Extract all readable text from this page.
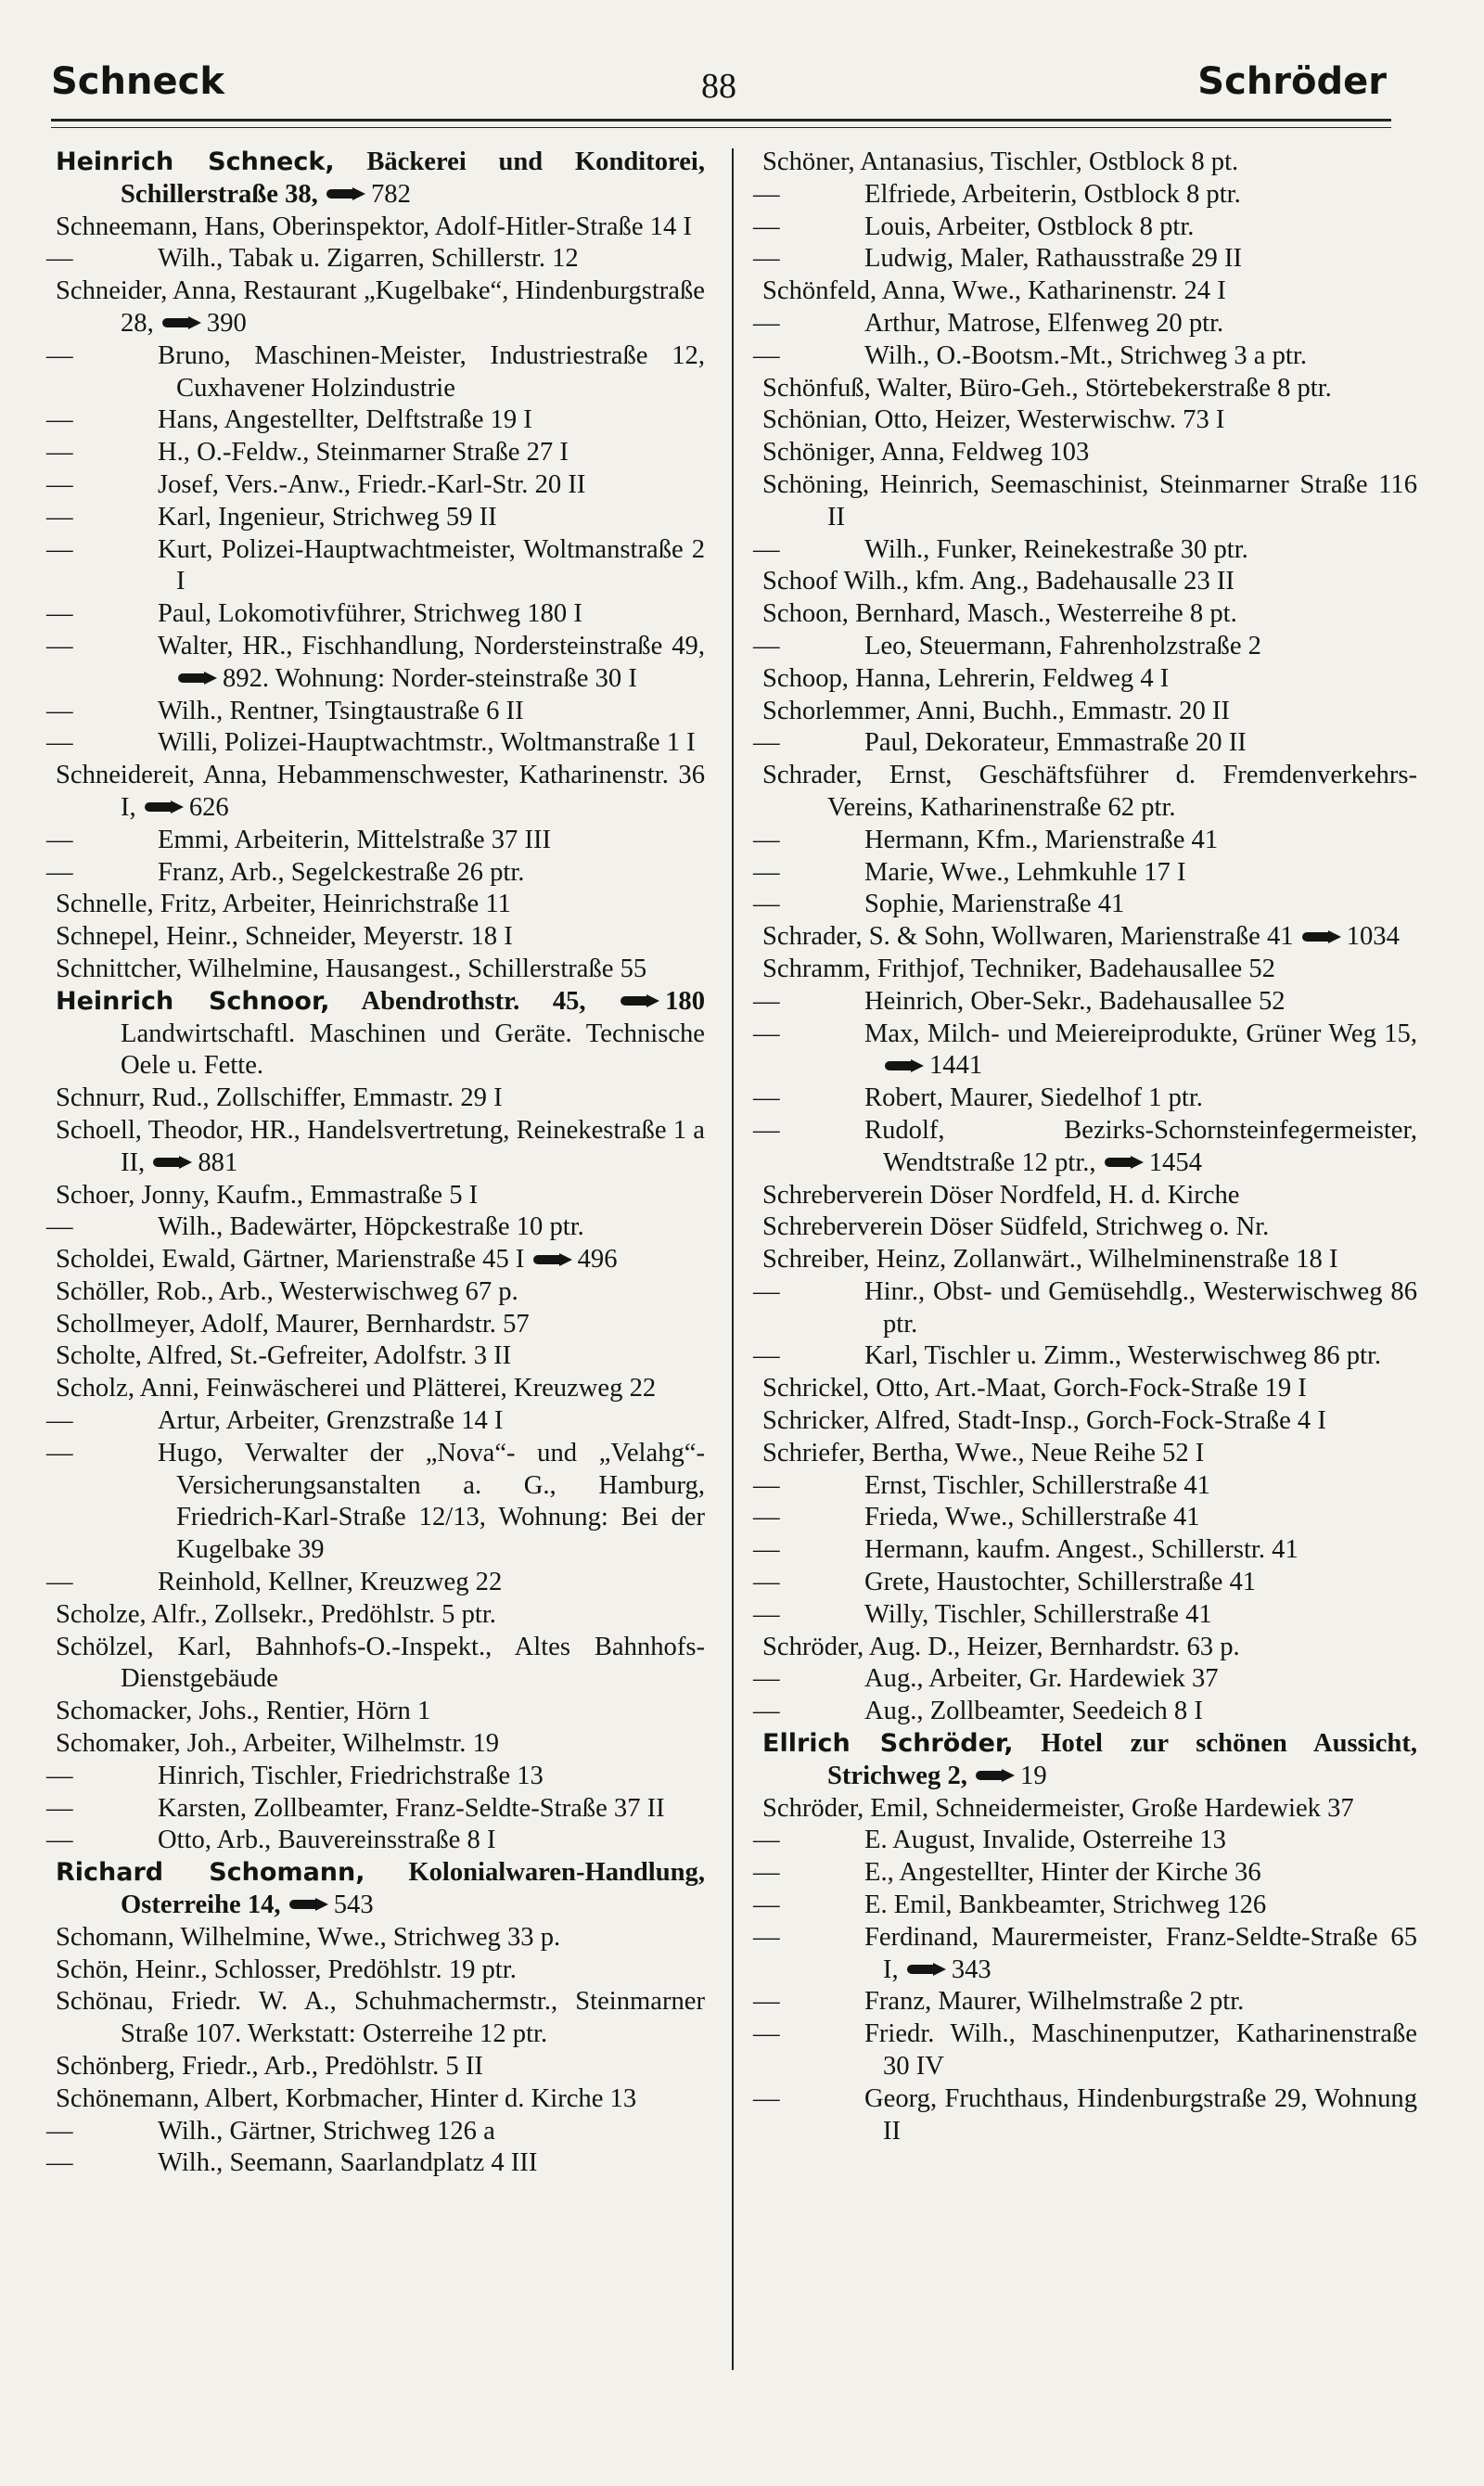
Schneck	88	Schröder

Heinrich Schneck, Bäckerei und Konditorei, Schillerstraße 38, 782

Schneemann, Hans, Oberinspektor, Adolf-Hitler-Straße 14 I

—	Wilh., Tabak u. Zigarren, Schillerstr. 12

Schneider, Anna, Restaurant „Kugelbake“, Hindenburgstraße 28, 390

—	Bruno, Maschinen-Meister, Industriestraße 12, Cuxhavener Holzindustrie

—	Hans, Angestellter, Delftstraße 19 I

—	H., O.-Feldw., Steinmarner Straße 27 I

—	Josef, Vers.-Anw., Friedr.-Karl-Str. 20 II

—	Karl, Ingenieur, Strichweg 59 II

—	Kurt, Polizei-Hauptwachtmeister, Woltmanstraße 2 I

—	Paul, Lokomotivführer, Strichweg 180 I

—	Walter, HR., Fischhandlung, Nordersteinstraße 49, 892. Wohnung: Norder-steinstraße 30 I

—	Wilh., Rentner, Tsingtaustraße 6 II

—	Willi, Polizei-Hauptwachtmstr., Woltmanstraße 1 I

Schneidereit, Anna, Hebammenschwester, Katharinenstr. 36 I, 626

—	Emmi, Arbeiterin, Mittelstraße 37 III

—	Franz, Arb., Segelckestraße 26 ptr.

Schnelle, Fritz, Arbeiter, Heinrichstraße 11

Schnepel, Heinr., Schneider, Meyerstr. 18 I

Schnittcher, Wilhelmine, Hausangest., Schillerstraße 55

Heinrich Schnoor, Abendrothstr. 45,	180 Landwirtschaftl. Maschinen und Geräte. Technische Oele u. Fette.

Schnurr, Rud., Zollschiffer, Emmastr. 29 I

Schoell, Theodor, HR., Handelsvertretung, Reinekestraße 1 a II, 881

Schoer, Jonny, Kaufm., Emmastraße 5 I

—	Wilh., Badewärter, Höpckestraße 10 ptr.

Scholdei, Ewald, Gärtner, Marienstraße 45 I 496

Schöller, Rob., Arb., Westerwischweg 67 p.

Schollmeyer, Adolf, Maurer, Bernhardstr. 57

Scholte, Alfred, St.-Gefreiter, Adolfstr. 3 II

Scholz, Anni, Feinwäscherei und Plätterei, Kreuzweg 22

—	Artur, Arbeiter, Grenzstraße 14 I

—	Hugo, Verwalter der „Nova“- und „Velahg“-Versicherungsanstalten a. G., Hamburg, Friedrich-Karl-Straße 12/13, Wohnung: Bei der Kugelbake 39

—	Reinhold, Kellner, Kreuzweg 22

Scholze, Alfr., Zollsekr., Predöhlstr. 5 ptr.

Schölzel, Karl, Bahnhofs-O.-Inspekt., Altes Bahnhofs-Dienstgebäude

Schomacker, Johs., Rentier, Hörn 1

Schomaker, Joh., Arbeiter, Wilhelmstr. 19

—	Hinrich, Tischler, Friedrichstraße 13

—	Karsten, Zollbeamter, Franz-Seldte-Straße 37 II

—	Otto, Arb., Bauvereinsstraße 8 I

Richard Schomann, Kolonialwaren-Handlung, Osterreihe 14, 543

Schomann, Wilhelmine, Wwe., Strichweg 33 p.

Schön, Heinr., Schlosser, Predöhlstr. 19 ptr.

Schönau, Friedr. W. A., Schuhmachermstr., Steinmarner Straße 107. Werkstatt: Osterreihe 12 ptr.

Schönberg, Friedr., Arb., Predöhlstr. 5 II

Schönemann, Albert, Korbmacher, Hinter d. Kirche 13

—	Wilh., Gärtner, Strichweg 126 a

—	Wilh., Seemann, Saarlandplatz 4 III

Schöner, Antanasius, Tischler, Ostblock 8 pt.

—	Elfriede, Arbeiterin, Ostblock 8 ptr.

—	Louis, Arbeiter, Ostblock 8 ptr.

—	Ludwig, Maler, Rathausstraße 29 II

Schönfeld, Anna, Wwe., Katharinenstr. 24 I

—	Arthur, Matrose, Elfenweg 20 ptr.

—	Wilh., O.-Bootsm.-Mt., Strichweg 3 a ptr.

Schönfuß, Walter, Büro-Geh., Störtebekerstraße 8 ptr.

Schönian, Otto, Heizer, Westerwischw. 73 I

Schöniger, Anna, Feldweg 103

Schöning, Heinrich, Seemaschinist, Steinmarner Straße 116 II

—	Wilh., Funker, Reinekestraße 30 ptr.

Schoof Wilh., kfm. Ang., Badehausalle 23 II

Schoon, Bernhard, Masch., Westerreihe 8 pt.

—	Leo, Steuermann, Fahrenholzstraße 2

Schoop, Hanna, Lehrerin, Feldweg 4 I

Schorlemmer, Anni, Buchh., Emmastr. 20 II

—	Paul, Dekorateur, Emmastraße 20 II

Schrader, Ernst, Geschäftsführer d. Fremdenverkehrs-Vereins, Katharinenstraße 62 ptr.

—	Hermann, Kfm., Marienstraße 41

—	Marie, Wwe., Lehmkuhle 17 I

—	Sophie, Marienstraße 41

Schrader, S. & Sohn, Wollwaren, Marienstraße 41 1034

Schramm, Frithjof, Techniker, Badehausallee 52

—	Heinrich, Ober-Sekr., Badehausallee 52

—	Max, Milch- und Meiereiprodukte, Grüner Weg 15, 1441

—	Robert, Maurer, Siedelhof 1 ptr.

—	Rudolf, Bezirks-Schornsteinfegermeister, Wendtstraße 12 ptr., 1454

Schreberverein Döser Nordfeld, H. d. Kirche

Schreberverein Döser Südfeld, Strichweg o. Nr.

Schreiber, Heinz, Zollanwärt., Wilhelminenstraße 18 I

—	Hinr., Obst- und Gemüsehdlg., Westerwischweg 86 ptr.

—	Karl, Tischler u. Zimm., Westerwischweg 86 ptr.

Schrickel, Otto, Art.-Maat, Gorch-Fock-Straße 19 I

Schricker, Alfred, Stadt-Insp., Gorch-Fock-Straße 4 I

Schriefer, Bertha, Wwe., Neue Reihe 52 I

—	Ernst, Tischler, Schillerstraße 41

—	Frieda, Wwe., Schillerstraße 41

—	Hermann, kaufm. Angest., Schillerstr. 41

—	Grete, Haustochter, Schillerstraße 41

—	Willy, Tischler, Schillerstraße 41

Schröder, Aug. D., Heizer, Bernhardstr. 63 p.

—	Aug., Arbeiter, Gr. Hardewiek 37

—	Aug., Zollbeamter, Seedeich 8 I

Ellrich Schröder, Hotel zur schönen Aussicht, Strichweg 2, 19

Schröder, Emil, Schneidermeister, Große Hardewiek 37

—	E. August, Invalide, Osterreihe 13

—	E., Angestellter, Hinter der Kirche 36

—	E. Emil, Bankbeamter, Strichweg 126

—	Ferdinand, Maurermeister, Franz-Seldte-Straße 65 I, 343

—	Franz, Maurer, Wilhelmstraße 2 ptr.

—	Friedr. Wilh., Maschinenputzer, Katharinenstraße 30 IV

—	Georg, Fruchthaus, Hindenburgstraße 29, Wohnung II
